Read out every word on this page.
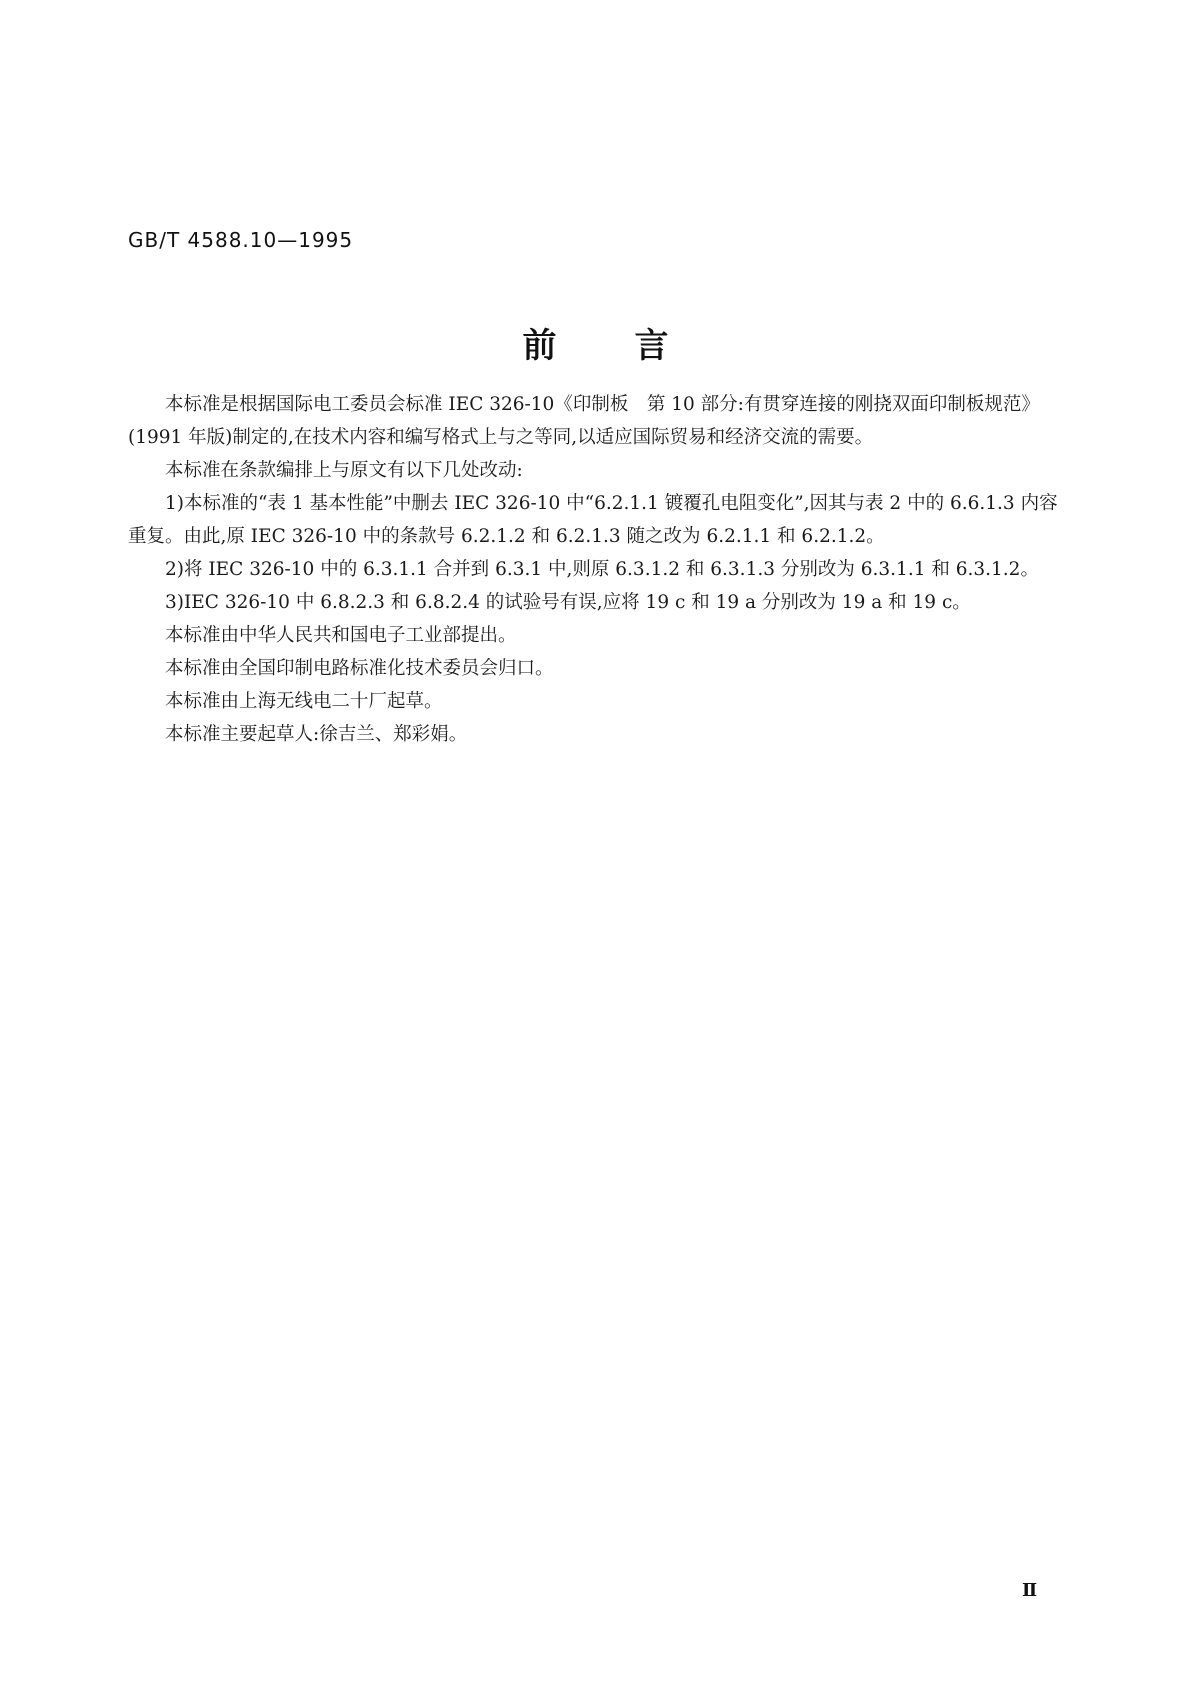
GB/T 4588.10—1995
前 言

本标准是根据国际电工委员会标准 IEC 326-10《印制板　第 10 部分:有贯穿连接的刚挠双面印制板规范》(1991 年版)制定的,在技术内容和编写格式上与之等同,以适应国际贸易和经济交流的需要。

本标准在条款编排上与原文有以下几处改动:

1)本标准的“表 1 基本性能”中删去 IEC 326-10 中“6.2.1.1 镀覆孔电阻变化”,因其与表 2 中的 6.6.1.3 内容重复。由此,原 IEC 326-10 中的条款号 6.2.1.2 和 6.2.1.3 随之改为 6.2.1.1 和 6.2.1.2。

2)将 IEC 326-10 中的 6.3.1.1 合并到 6.3.1 中,则原 6.3.1.2 和 6.3.1.3 分别改为 6.3.1.1 和 6.3.1.2。

3)IEC 326-10 中 6.8.2.3 和 6.8.2.4 的试验号有误,应将 19 c 和 19 a 分别改为 19 a 和 19 c。

本标准由中华人民共和国电子工业部提出。

本标准由全国印制电路标准化技术委员会归口。

本标准由上海无线电二十厂起草。

本标准主要起草人:徐吉兰、郑彩娟。

Ⅱ
